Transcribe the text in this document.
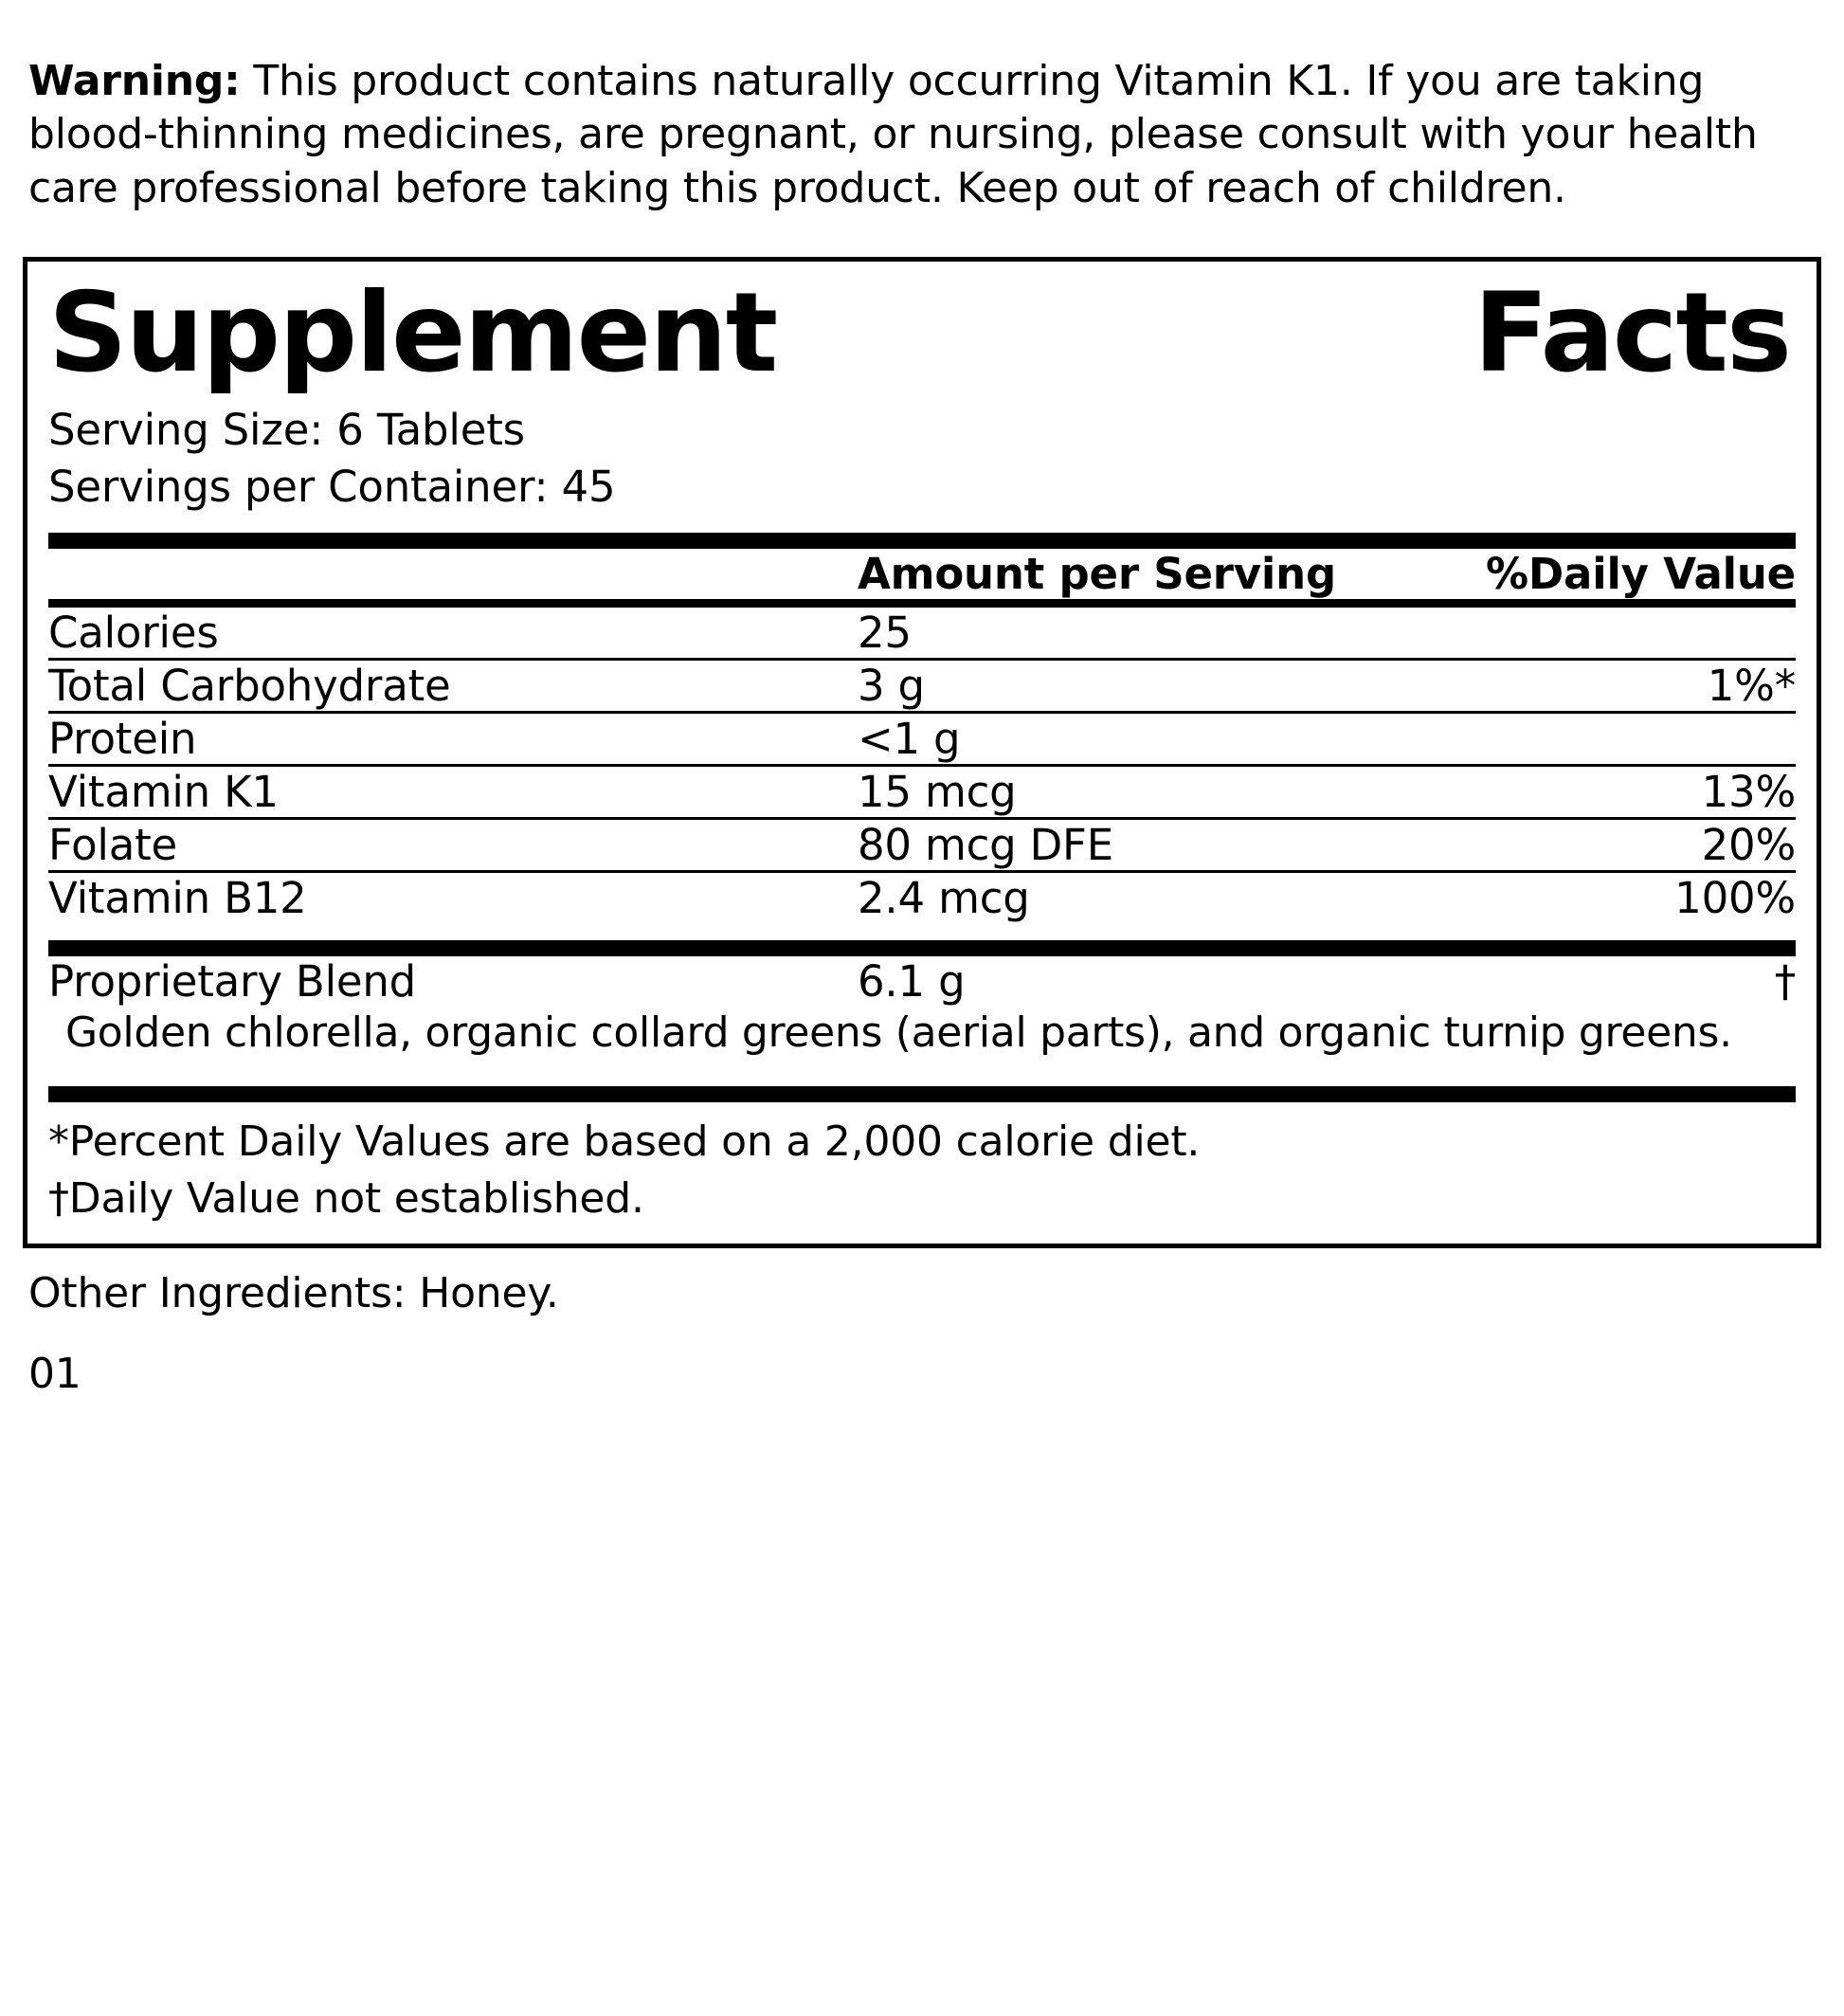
Warning: This product contains naturally occurring Vitamin K1. If you are taking blood-thinning medicines, are pregnant, or nursing, please consult with your health care professional before taking this product. Keep out of reach of children.

Supplement	Facts
Serving Size: 6 Tablets
Servings per Container: 45
	Amount per Serving	%Daily Value
Calories	25	
Total Carbohydrate	3 g	1%*
Protein	<1 g	
Vitamin K1	15 mcg	13%
Folate	80 mcg DFE	20%
Vitamin B12	2.4 mcg	100%
Proprietary Blend	6.1 g	†
Golden chlorella, organic collard greens (aerial parts), and organic turnip greens.
*Percent Daily Values are based on a 2,000 calorie diet.
†Daily Value not established.
Other Ingredients: Honey.
01
